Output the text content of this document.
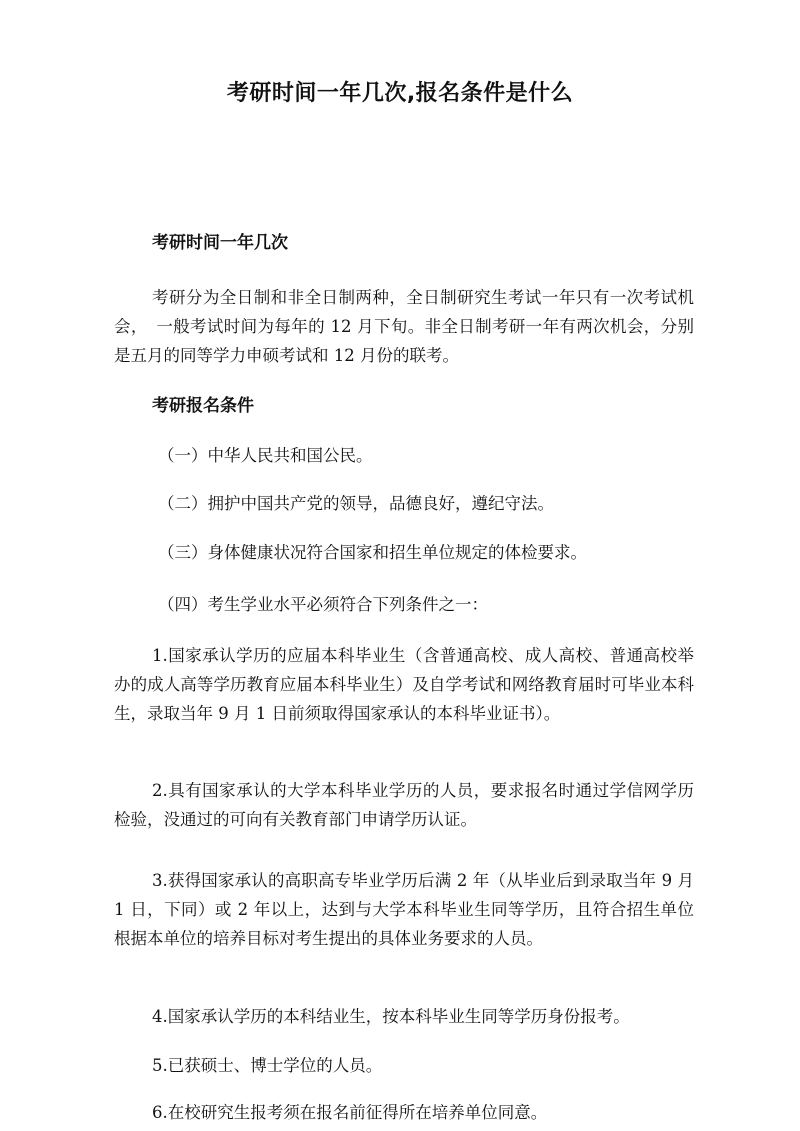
考研时间一年几次,报名条件是什么
考研时间一年几次
考研分为全日制和非全日制两种，全日制研究生考试一年只有一次考试机会，　一般考试时间为每年的 12 月下旬。非全日制考研一年有两次机会，分别是五月的同等学力申硕考试和 12 月份的联考。
考研报名条件
（一）中华人民共和国公民。
（二）拥护中国共产党的领导，品德良好，遵纪守法。
（三）身体健康状况符合国家和招生单位规定的体检要求。
（四）考生学业水平必须符合下列条件之一：
1.国家承认学历的应届本科毕业生（含普通高校、成人高校、普通高校举办的成人高等学历教育应届本科毕业生）及自学考试和网络教育届时可毕业本科生，录取当年 9 月 1 日前须取得国家承认的本科毕业证书）。
2.具有国家承认的大学本科毕业学历的人员，要求报名时通过学信网学历检验，没通过的可向有关教育部门申请学历认证。
3.获得国家承认的高职高专毕业学历后满 2 年（从毕业后到录取当年 9 月 1 日，下同）或 2 年以上，达到与大学本科毕业生同等学历，且符合招生单位根据本单位的培养目标对考生提出的具体业务要求的人员。
4.国家承认学历的本科结业生，按本科毕业生同等学历身份报考。
5.已获硕士、博士学位的人员。
6.在校研究生报考须在报名前征得所在培养单位同意。
